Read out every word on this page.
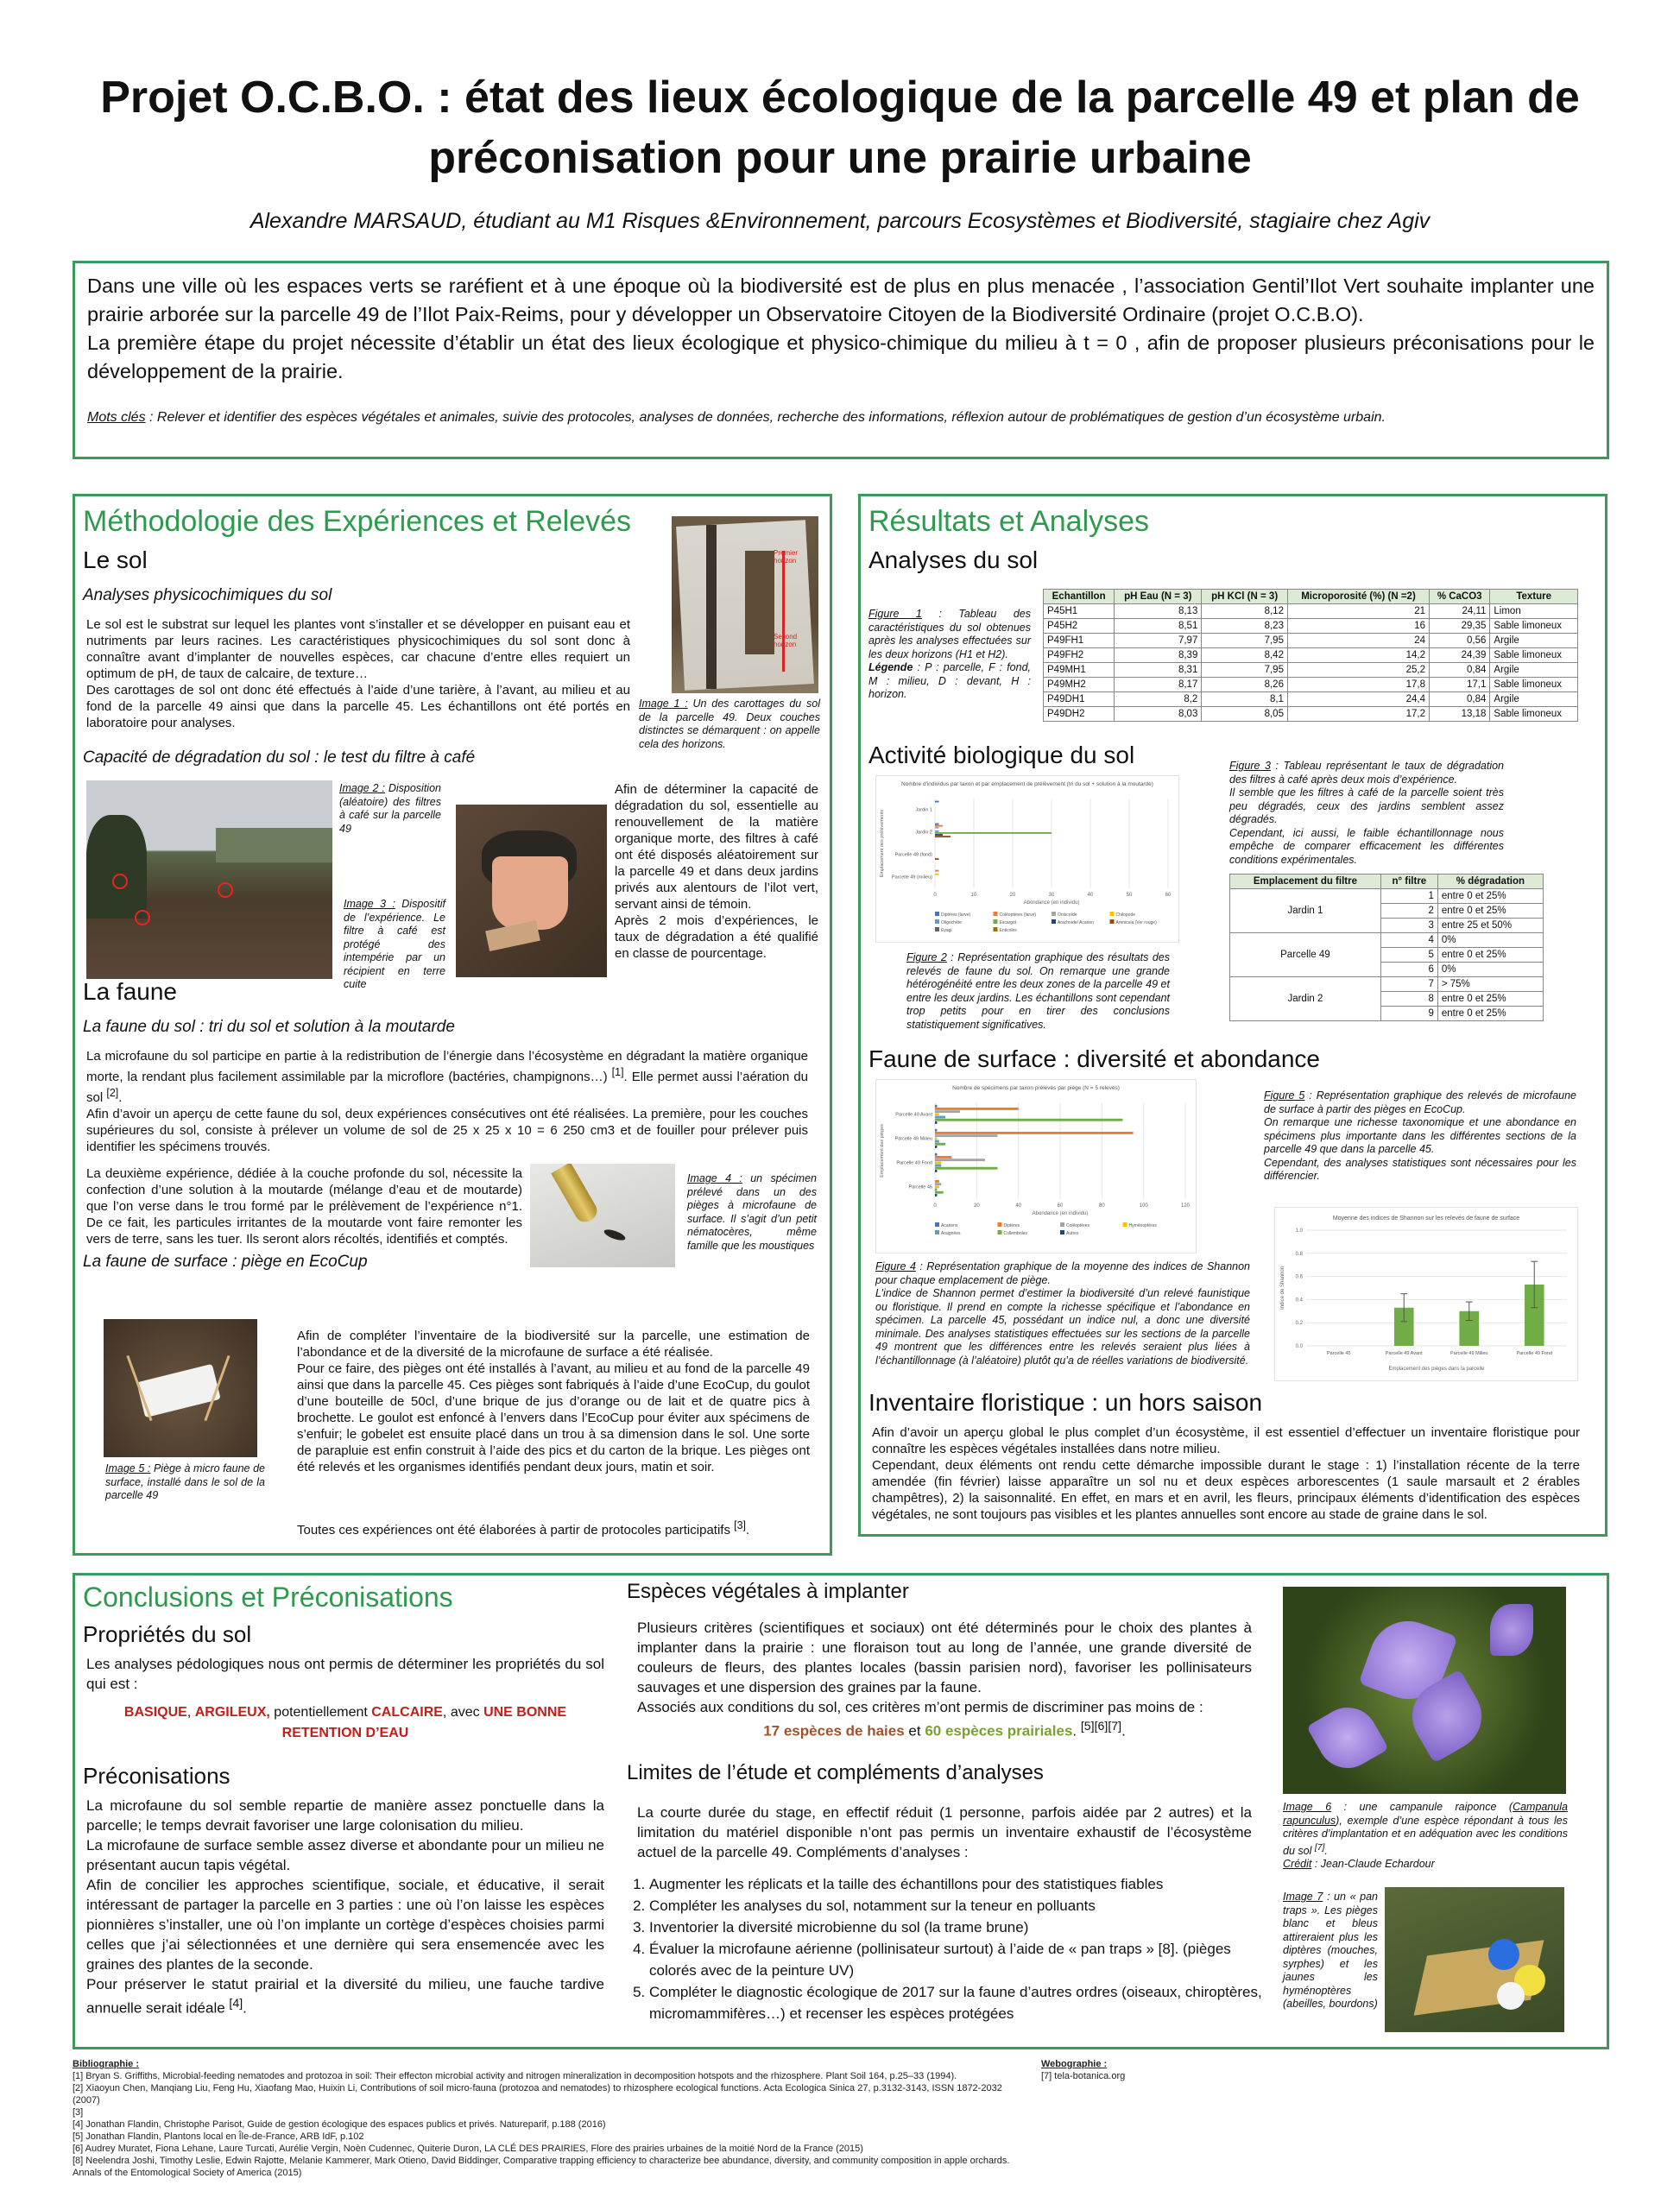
Projet O.C.B.O. : état des lieux écologique de la parcelle 49 et plan de
préconisation pour une prairie urbaine
Alexandre MARSAUD, étudiant au M1 Risques &Environnement, parcours Ecosystèmes et Biodiversité, stagiaire chez Agiv

Dans une ville où les espaces verts se raréfient et à une époque où la biodiversité est de plus en plus menacée , l’association Gentil’Ilot Vert souhaite implanter une prairie arborée sur la parcelle 49 de l’Ilot Paix-Reims, pour y développer un Observatoire Citoyen de la Biodiversité Ordinaire (projet O.C.B.O).

La première étape du projet nécessite d’établir un état des lieux écologique et physico-chimique du milieu à t = 0 , afin de proposer plusieurs préconisations pour le développement de la prairie.

Mots clés : Relever et identifier des espèces végétales et animales, suivie des protocoles, analyses de données, recherche des informations, réflexion autour de problématiques de gestion d’un écosystème urbain.

Méthodologie des Expériences et Relevés
Le sol
Analyses physicochimiques du sol
Le sol est le substrat sur lequel les plantes vont s’installer et se développer en puisant eau et nutriments par leurs racines. Les caractéristiques physicochimiques du sol sont donc à connaître avant d’implanter de nouvelles espèces, car chacune d’entre elles requiert un optimum de pH, de taux de calcaire, de texture…
Des carottages de sol ont donc été effectués à l’aide d’une tarière, à l’avant, au milieu et au fond de la parcelle 49 ainsi que dans la parcelle 45. Les échantillons ont été portés en laboratoire pour analyses.
Premier horizon
Second horizon
Image 1 : Un des carottages du sol de la parcelle 49. Deux couches distinctes se démarquent : on appelle cela des horizons.
Capacité de dégradation du sol : le test du filtre à café
Image 2 : Disposition (aléatoire) des filtres à café sur la parcelle 49
Image 3 : Dispositif de l’expérience. Le filtre à café est protégé des intempérie par un récipient en terre cuite
Afin de déterminer la capacité de dégradation du sol, essentielle au renouvellement de la matière organique morte, des filtres à café ont été disposés aléatoirement sur la parcelle 49 et dans deux jardins privés aux alentours de l’ilot vert, servant ainsi de témoin.
Après 2 mois d’expériences, le taux de dégradation a été qualifié en classe de pourcentage.
La faune
La faune du sol : tri du sol et solution à la moutarde
La microfaune du sol participe en partie à la redistribution de l’énergie dans l’écosystème en dégradant la matière organique morte, la rendant plus facilement assimilable par la microflore (bactéries, champignons…) [1]. Elle permet aussi l’aération du sol [2].
Afin d’avoir un aperçu de cette faune du sol, deux expériences consécutives ont été réalisées. La première, pour les couches supérieures du sol, consiste à prélever un volume de sol de 25 x 25 x 10 = 6 250 cm3 et de fouiller pour prélever puis identifier les spécimens trouvés.
La deuxième expérience, dédiée à la couche profonde du sol, nécessite la confection d’une solution à la moutarde (mélange d’eau et de moutarde) que l’on verse dans le trou formé par le prélèvement de l’expérience n°1. De ce fait, les particules irritantes de la moutarde vont faire remonter les vers de terre, sans les tuer. Ils seront alors récoltés, identifiés et comptés.
Image 4 : un spécimen prélevé dans un des pièges à microfaune de surface. Il s’agit d’un petit nématocères, même famille que les moustiques
La faune de surface : piège en EcoCup
Image 5 : Piège à micro faune de surface, installé dans le sol de la parcelle 49
Afin de compléter l’inventaire de la biodiversité sur la parcelle, une estimation de l’abondance et de la diversité de la microfaune de surface a été réalisée.
Pour ce faire, des pièges ont été installés à l’avant, au milieu et au fond de la parcelle 49 ainsi que dans la parcelle 45. Ces pièges sont fabriqués à l’aide d’une EcoCup, du goulot d’une bouteille de 50cl, d’une brique de jus d’orange ou de lait et de quatre pics à brochette. Le goulot est enfoncé à l’envers dans l’EcoCup pour éviter aux spécimens de s’enfuir; le gobelet est ensuite placé dans un trou à sa dimension dans le sol. Une sorte de parapluie est enfin construit à l’aide des pics et du carton de la brique. Les pièges ont été relevés et les organismes identifiés pendant deux jours, matin et soir.
Toutes ces expériences ont été élaborées à partir de protocoles participatifs [3].
Résultats et Analyses
Analyses du sol
Figure 1 : Tableau des caractéristiques du sol obtenues après les analyses effectuées sur les deux horizons (H1 et H2).
Légende : P : parcelle, F : fond, M : milieu, D : devant, H : horizon.
Echantillon	pH Eau (N = 3)	pH KCl (N = 3)	Microporosité (%) (N =2)	% CaCO3	Texture
P45H1	8,13	8,12	21	24,11	Limon
P45H2	8,51	8,23	16	29,35	Sable limoneux
P49FH1	7,97	7,95	24	0,56	Argile
P49FH2	8,39	8,42	14,2	24,39	Sable limoneux
P49MH1	8,31	7,95	25,2	0,84	Argile
P49MH2	8,17	8,26	17,8	17,1	Sable limoneux
P49DH1	8,2	8,1	24,4	0,84	Argile
P49DH2	8,03	8,05	17,2	13,18	Sable limoneux
Activité biologique du sol
Nombre d'individus par taxon et par emplacement de prélèvement (tri du sol + solution à la moutarde)
0	10	20	30	40	50	60
Abondance (en individu)
Emplacement des prélèvements	Jardin 1
Jardin 2
Parcelle 49 (fond)
Parcelle 49 (milieu)
Diptères (larve)	Coléoptères (larve)	Oniscoïde	Chilopode
Oligochète	Escargot	Arachnide/ Acarien	Arenicula (Ver rouge)
Eyagi	Enticoles
Figure 2 : Représentation graphique des résultats des relevés de faune du sol. On remarque une grande hétérogénéité entre les deux zones de la parcelle 49 et entre les deux jardins. Les échantillons sont cependant trop petits pour en tirer des conclusions statistiquement significatives.
Figure 3 : Tableau représentant le taux de dégradation des filtres à café après deux mois d’expérience.
Il semble que les filtres à café de la parcelle soient très peu dégradés, ceux des jardins semblent assez dégradés.
Cependant, ici aussi, le faible échantillonnage nous empêche de comparer efficacement les différentes conditions expérimentales.
Emplacement du filtre	n° filtre	% dégradation
Jardin 1	1	entre 0 et 25%
	2	entre 0 et 25%
	3	entre 25 et 50%
Parcelle 49	4	0%
	5	entre 0 et 25%
	6	0%
Jardin 2	7	> 75%
	8	entre 0 et 25%
	9	entre 0 et 25%
Faune de surface : diversité et abondance
Nombre de spécimens par taxon prélevés par piège (N = 5 relevés)
0	20	40	60	80	100	120
Abondance (en individu)
Emplacement des pièges
Parcelle 49 Avant
Parcelle 49 Milieu
Parcelle 49 Fond
Parcelle 45
Acariens	Diptères	Coléoptères	Hyménoptères
Araignées	Collemboles	Autres
Figure 5 : Représentation graphique des relevés de microfaune de surface à partir des pièges en EcoCup.
On remarque une richesse taxonomique et une abondance en spécimens plus importante dans les différentes sections de la parcelle 49 que dans la parcelle 45.
Cependant, des analyses statistiques sont nécessaires pour les différencier.
Moyenne des indices de Shannon sur les relevés de faune de surface
0.0
0.2
0.4
0.6
0.8
1.0
Indice de Shannon
Parcelle 45	Parcelle 49 Avant	Parcelle 49 Milieu	Parcelle 49 Fond
Emplacement des pièges dans la parcelle
Figure 4 : Représentation graphique de la moyenne des indices de Shannon pour chaque emplacement de piège.
L’indice de Shannon permet d’estimer la biodiversité d’un relevé faunistique ou floristique. Il prend en compte la richesse spécifique et l’abondance en spécimen. La parcelle 45, possédant un indice nul, a donc une diversité minimale. Des analyses statistiques effectuées sur les sections de la parcelle 49 montrent que les différences entre les relevés seraient plus liées à l’échantillonnage (à l’aléatoire) plutôt qu’a de réelles variations de biodiversité.
Inventaire floristique : un hors saison
Afin d’avoir un aperçu global le plus complet d’un écosystème, il est essentiel d’effectuer un inventaire floristique pour connaître les espèces végétales installées dans notre milieu.
Cependant, deux éléments ont rendu cette démarche impossible durant le stage : 1) l’installation récente de la terre amendée (fin février) laisse apparaître un sol nu et deux espèces arborescentes (1 saule marsault et 2 érables champêtres), 2) la saisonnalité. En effet, en mars et en avril, les fleurs, principaux éléments d’identification des espèces végétales, ne sont toujours pas visibles et les plantes annuelles sont encore au stade de graine dans le sol.
Conclusions et Préconisations
Propriétés du sol
Les analyses pédologiques nous ont permis de déterminer les propriétés du sol qui est :
BASIQUE, ARGILEUX, potentiellement CALCAIRE, avec UNE BONNE
RETENTION D’EAU
Préconisations
La microfaune du sol semble repartie de manière assez ponctuelle dans la parcelle; le temps devrait favoriser une large colonisation du milieu.
La microfaune de surface semble assez diverse et abondante pour un milieu ne présentant aucun tapis végétal.
Afin de concilier les approches scientifique, sociale, et éducative, il serait intéressant de partager la parcelle en 3 parties : une où l’on laisse les espèces pionnières s’installer, une où l’on implante un cortège d’espèces choisies parmi celles que j’ai sélectionnées et une dernière qui sera ensemencée avec les graines des plantes de la seconde.
Pour préserver le statut prairial et la diversité du milieu, une fauche tardive annuelle serait idéale [4].
Espèces végétales à implanter
Plusieurs critères (scientifiques et sociaux) ont été déterminés pour le choix des plantes à implanter dans la prairie : une floraison tout au long de l’année, une grande diversité de couleurs de fleurs, des plantes locales (bassin parisien nord), favoriser les pollinisateurs sauvages et une dispersion des graines par la faune.
Associés aux conditions du sol, ces critères m’ont permis de discriminer pas moins de :
17 espèces de haies et 60 espèces prairiales. [5][6][7].
Limites de l’étude et compléments d’analyses
La courte durée du stage, en effectif réduit (1 personne, parfois aidée par 2 autres) et la limitation du matériel disponible n’ont pas permis un inventaire exhaustif de l’écosystème actuel de la parcelle 49. Compléments d’analyses :
1. Augmenter les réplicats et la taille des échantillons pour des statistiques fiables
2. Compléter les analyses du sol, notamment sur la teneur en polluants
3. Inventorier la diversité microbienne du sol (la trame brune)
4. Évaluer la microfaune aérienne (pollinisateur surtout) à l’aide de « pan traps » [8]. (pièges colorés avec de la peinture UV)
5. Compléter le diagnostic écologique de 2017 sur la faune d’autres ordres (oiseaux, chiroptères, micromammifères…) et recenser les espèces protégées
Image 6 : une campanule raiponce (Campanula rapunculus), exemple d’une espèce répondant à tous les critères d’implantation et en adéquation avec les conditions du sol [7].
Crédit : Jean-Claude Echardour
Image 7 : un « pan traps ». Les pièges blanc et bleus attireraient plus les diptères (mouches, syrphes) et les jaunes les hyménoptères (abeilles, bourdons)
Bibliographie :
[1] Bryan S. Griffiths, Microbial-feeding nematodes and protozoa in soil: Their effecton microbial activity and nitrogen mineralization in decomposition hotspots and the rhizosphere. Plant Soil 164, p.25–33 (1994).
[2] Xiaoyun Chen, Manqiang Liu, Feng Hu, Xiaofang Mao, Huixin Li, Contributions of soil micro-fauna (protozoa and nematodes) to rhizosphere ecological functions. Acta Ecologica Sinica 27, p.3132-3143, ISSN 1872-2032 (2007)
[3]
[4] Jonathan Flandin, Christophe Parisot, Guide de gestion écologique des espaces publics et privés. Natureparif, p.188 (2016)
[5] Jonathan Flandin, Plantons local en Île-de-France, ARB IdF, p.102
[6] Audrey Muratet, Fiona Lehane, Laure Turcati, Aurélie Vergin, Noèn Cudennec, Quiterie Duron, LA CLÉ DES PRAIRIES, Flore des prairies urbaines de la moitié Nord de la France (2015)
[8] Neelendra Joshi, Timothy Leslie, Edwin Rajotte, Melanie Kammerer, Mark Otieno, David Biddinger, Comparative trapping efficiency to characterize bee abundance, diversity, and community composition in apple orchards. Annals of the Entomological Society of America (2015)
Webographie :
[7] tela-botanica.org
